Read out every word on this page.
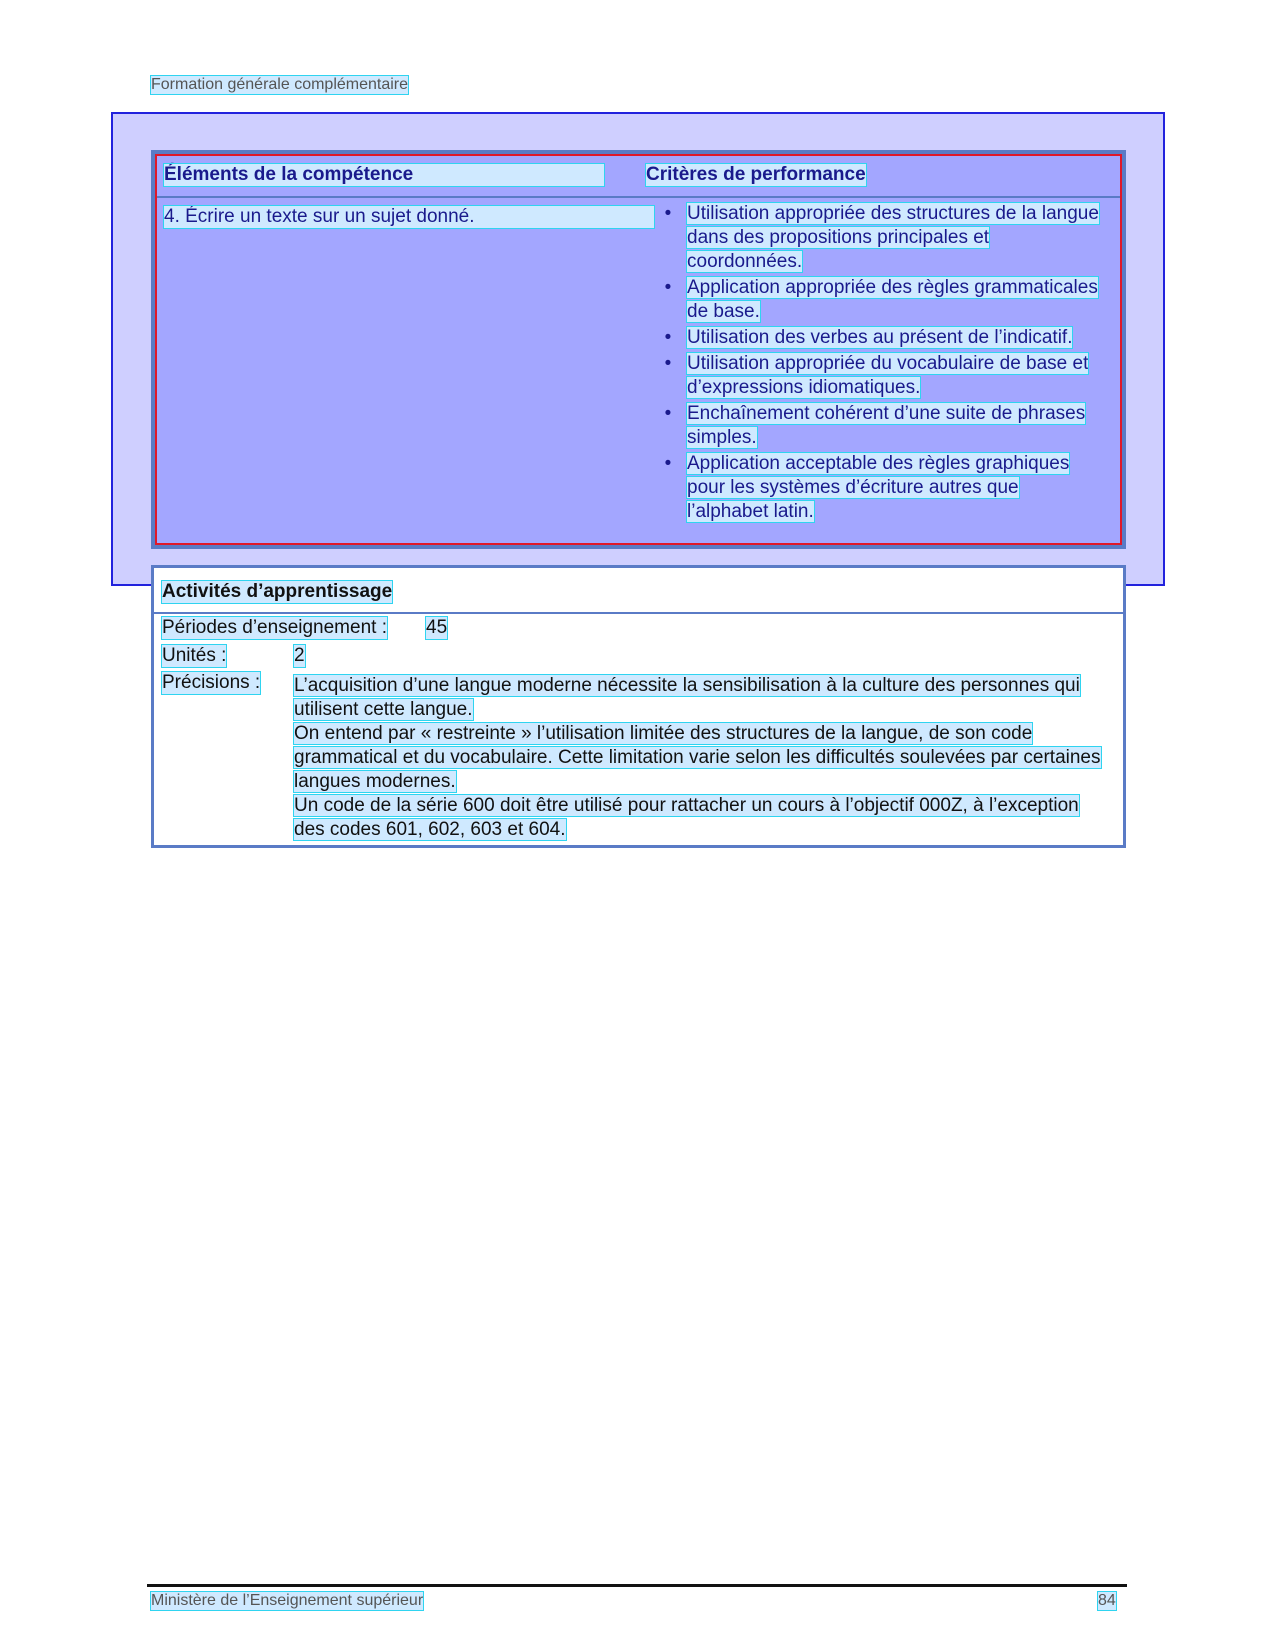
Formation générale complémentaire
Éléments de la compétence	Critères de performance
4. Écrire un texte sur un sujet donné.	• Utilisation appropriée des structures de la langue dans des propositions principales et coordonnées.
• Application appropriée des règles grammaticales de base.
• Utilisation des verbes au présent de l’indicatif.
• Utilisation appropriée du vocabulaire de base et d’expressions idiomatiques.
• Enchaînement cohérent d’une suite de phrases simples.
• Application acceptable des règles graphiques pour les systèmes d’écriture autres que l’alphabet latin.
Activités d’apprentissage
Périodes d’enseignement : 45
Unités :	2
Précisions : L’acquisition d’une langue moderne nécessite la sensibilisation à la culture des personnes qui utilisent cette langue.

On entend par « restreinte » l’utilisation limitée des structures de la langue, de son code grammatical et du vocabulaire. Cette limitation varie selon les difficultés soulevées par certaines langues modernes.

Un code de la série 600 doit être utilisé pour rattacher un cours à l’objectif 000Z, à l’exception des codes 601, 602, 603 et 604.

Ministère de l’Enseignement supérieur	84
